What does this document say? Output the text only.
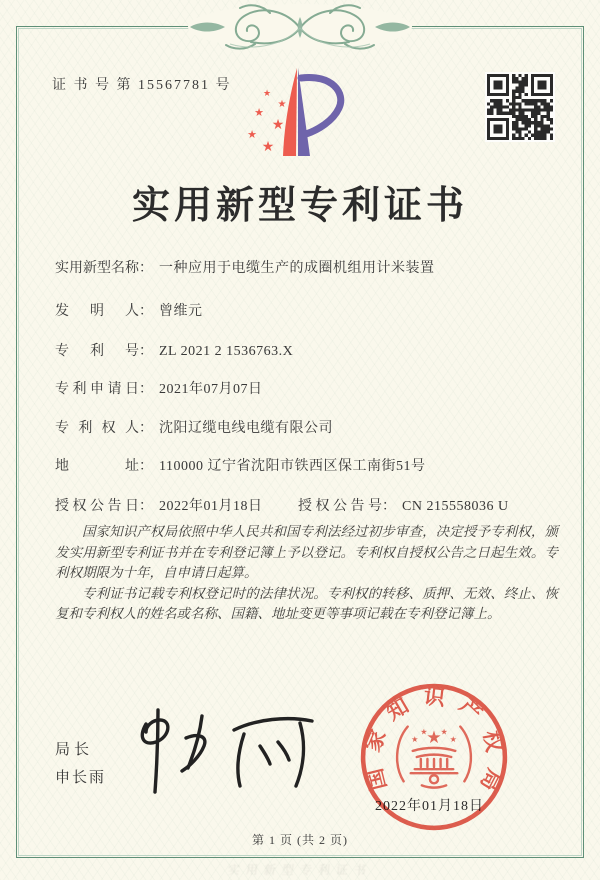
证 书 号 第 15567781 号
★
★
★
★
★
★
实用新型专利证书
实用新型名称： 一种应用于电缆生产的成圈机组用计米装置
发明人： 曾维元
专利号： ZL 2021 2 1536763.X
专利申请日： 2021年07月07日
专利权人： 沈阳辽缆电线电缆有限公司
地址： 110000 辽宁省沈阳市铁西区保工南街51号
授权公告日： 2022年01月18日	授权公告号： CN 215558036 U

国家知识产权局依照中华人民共和国专利法经过初步审查，决定授予专利权，颁发实用新型专利证书并在专利登记簿上予以登记。专利权自授权公告之日起生效。专利权期限为十年，自申请日起算。

专利证书记载专利权登记时的法律状况。专利权的转移、质押、无效、终止、恢复和专利权人的姓名或名称、国籍、地址变更等事项记载在专利登记簿上。

局长
申长雨
2022年01月18日
国家知识产权局
★
★
★ ★
★
第 1 页 (共 2 页)
实用新型专利证书
